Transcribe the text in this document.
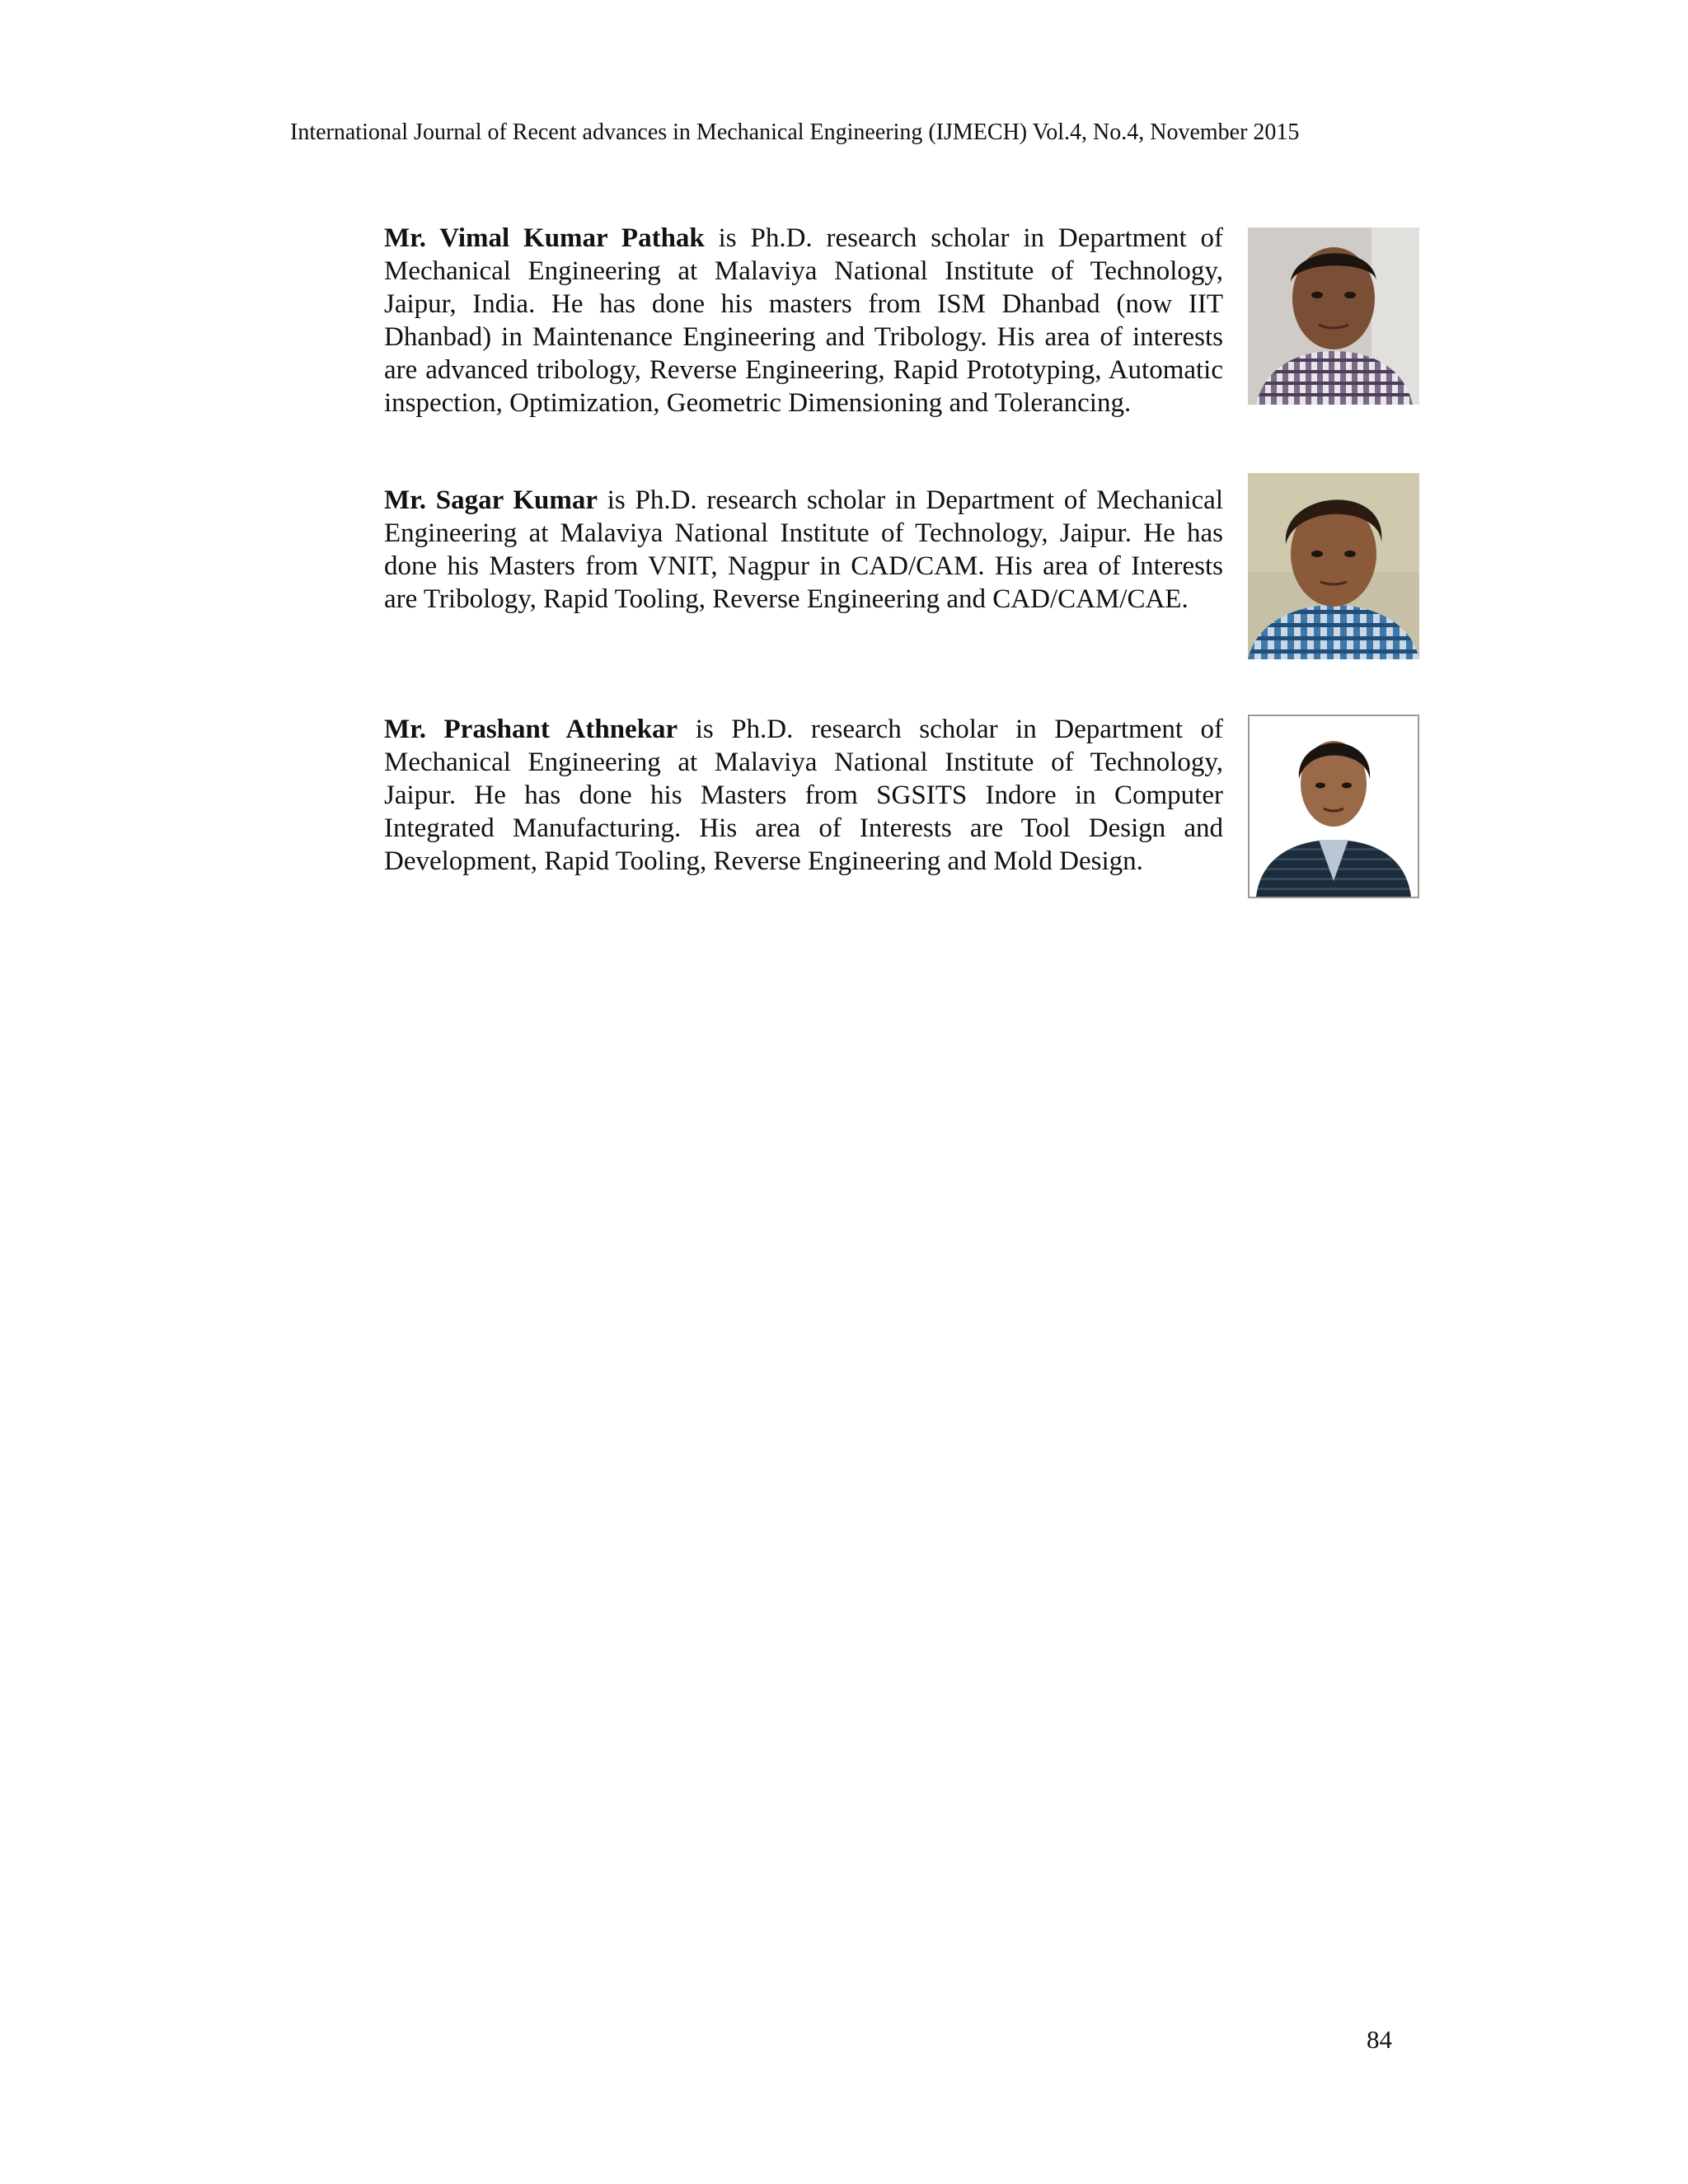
International Journal of Recent advances in Mechanical Engineering (IJMECH) Vol.4, No.4, November 2015

Mr. Vimal Kumar Pathak is Ph.D. research scholar in Department of Mechanical Engineering at Malaviya National Institute of Technology, Jaipur, India. He has done his masters from ISM Dhanbad (now IIT Dhanbad) in Maintenance Engineering and Tribology. His area of interests are advanced tribology, Reverse Engineering, Rapid Prototyping, Automatic inspection, Optimization, Geometric Dimensioning and Tolerancing.

Mr. Sagar Kumar is Ph.D. research scholar in Department of Mechanical Engineering at Malaviya National Institute of Technology, Jaipur. He has done his Masters from VNIT, Nagpur in CAD/CAM. His area of Interests are Tribology, Rapid Tooling, Reverse Engineering and CAD/CAM/CAE.

Mr. Prashant Athnekar is Ph.D. research scholar in Department of Mechanical Engineering at Malaviya National Institute of Technology, Jaipur. He has done his Masters from SGSITS Indore in Computer Integrated Manufacturing. His area of Interests are Tool Design and Development, Rapid Tooling, Reverse Engineering and Mold Design.

84
